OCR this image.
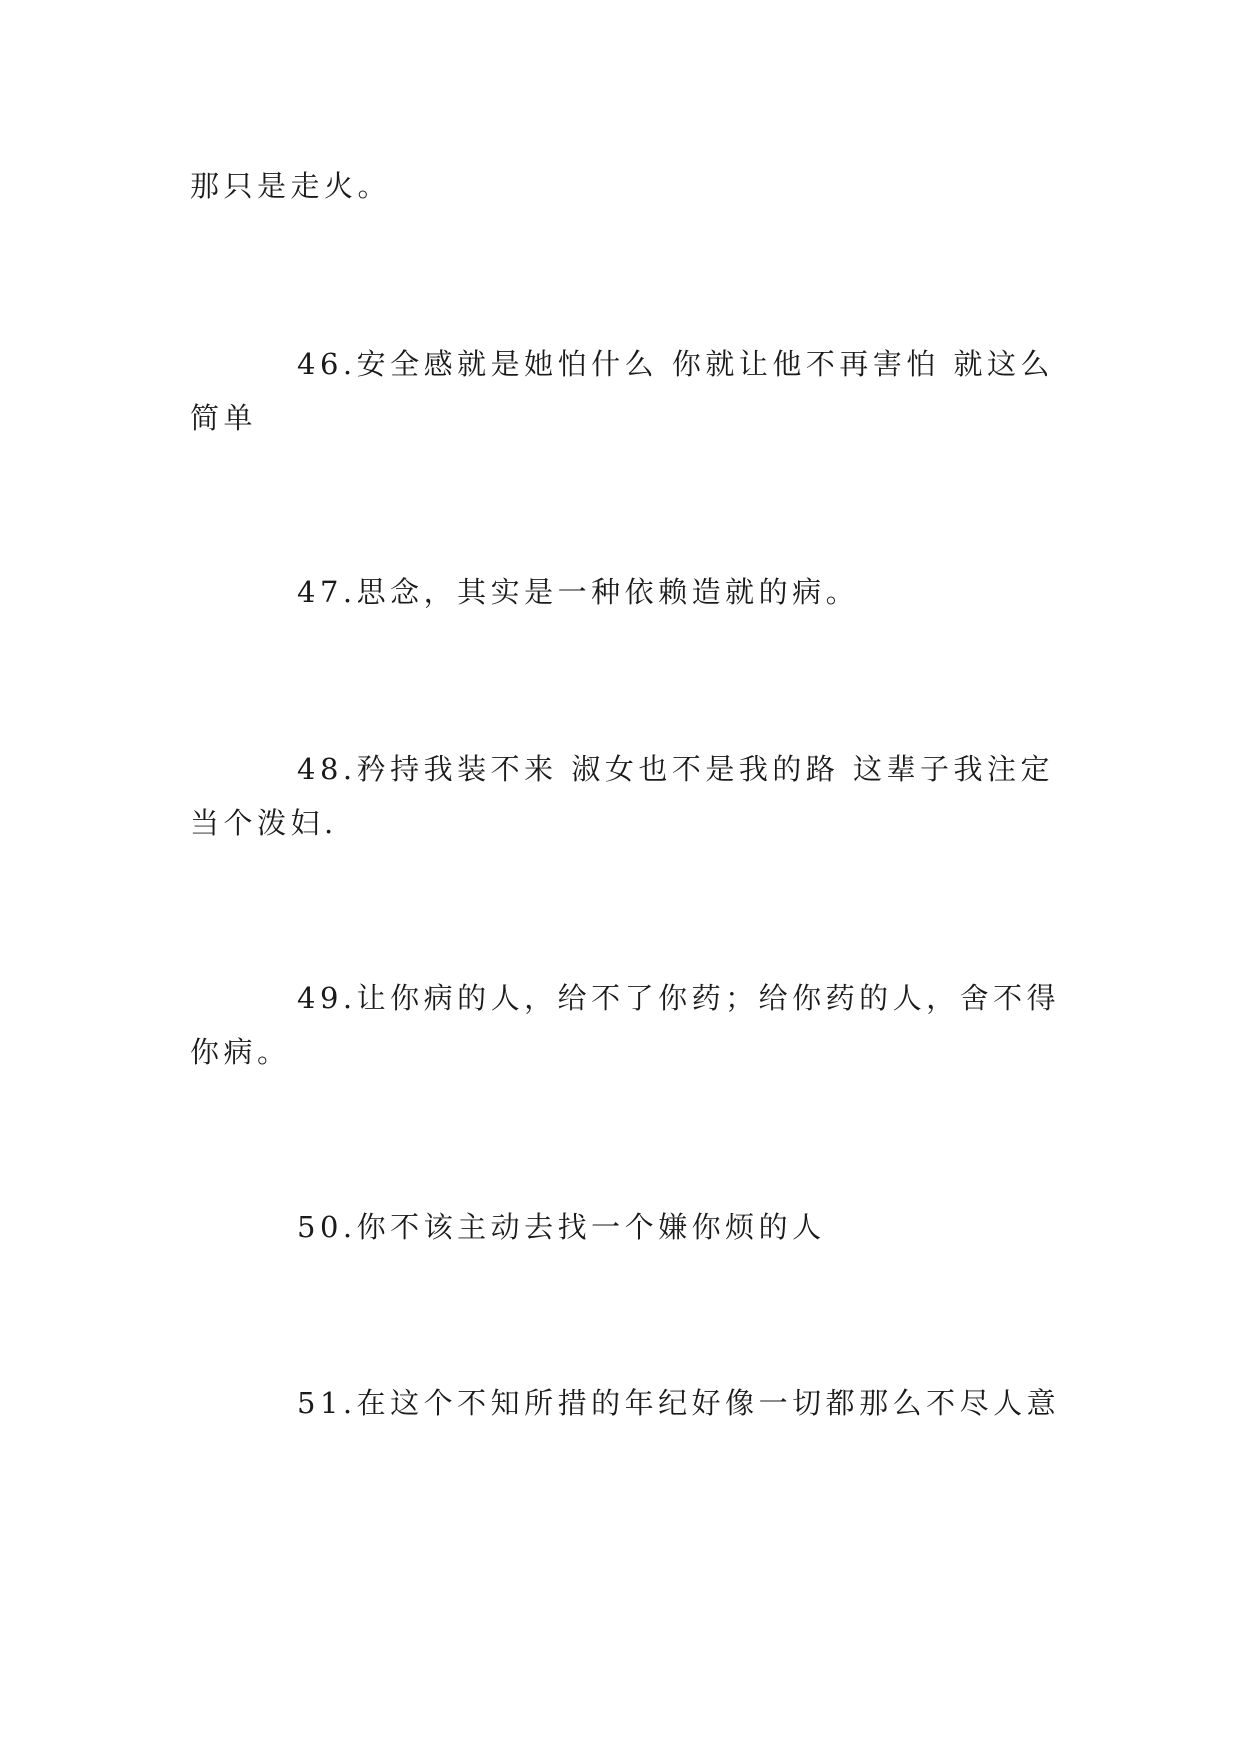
那只是走火。
46.安全感就是她怕什么 你就让他不再害怕 就这么
简单
47.思念，其实是一种依赖造就的病。
48.矜持我装不来 淑女也不是我的路 这辈子我注定
当个泼妇.
49.让你病的人，给不了你药；给你药的人，舍不得
你病。
50.你不该主动去找一个嫌你烦的人
51.在这个不知所措的年纪好像一切都那么不尽人意
